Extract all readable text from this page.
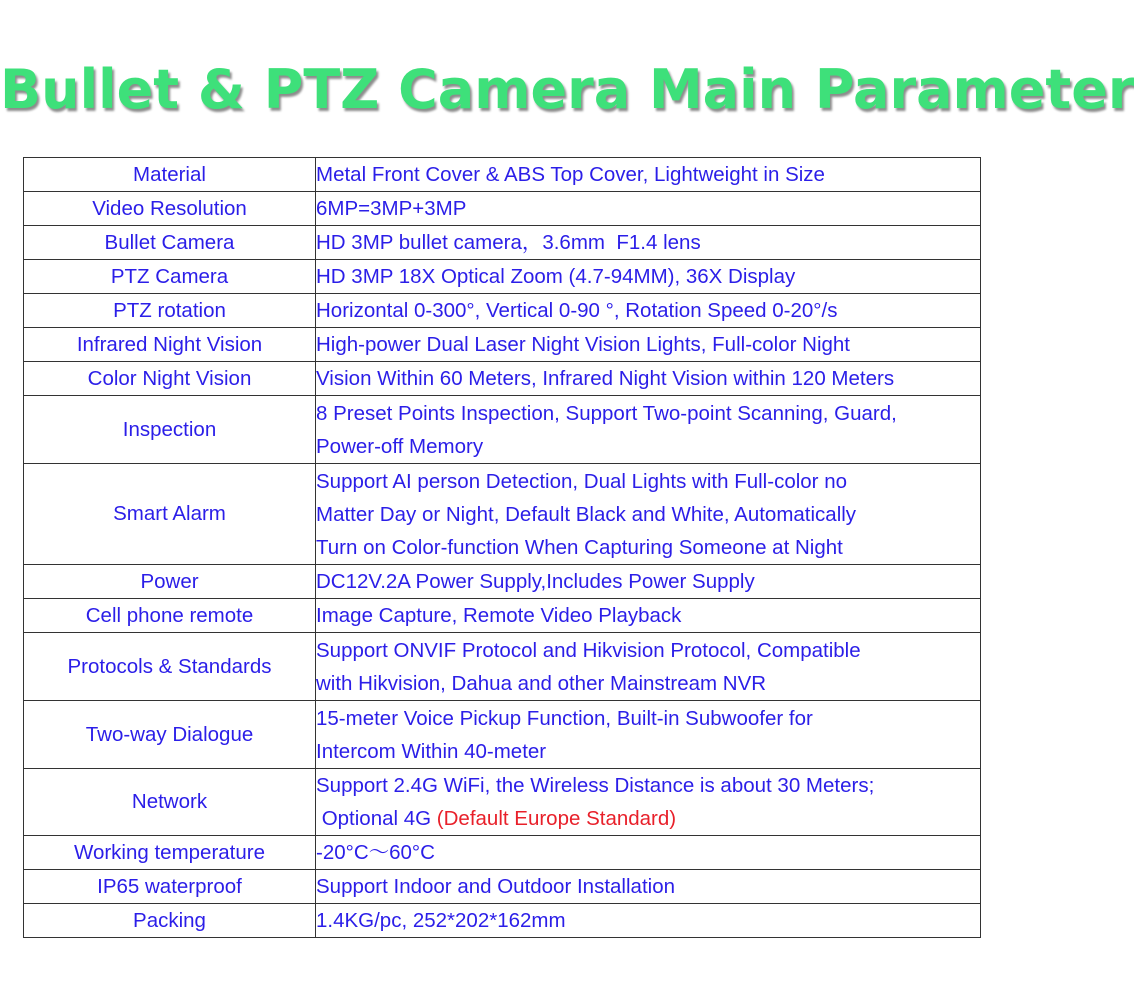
Bullet & PTZ Camera Main Parameter
Material	Metal Front Cover & ABS Top Cover, Lightweight in Size

Video Resolution	6MP=3MP+3MP

Bullet Camera	HD 3MP bullet camera，3.6mm  F1.4 lens

PTZ Camera	HD 3MP 18X Optical Zoom (4.7-94MM), 36X Display

PTZ rotation	Horizontal 0-300°, Vertical 0-90 °, Rotation Speed 0-20°/s

Infrared Night Vision	High-power Dual Laser Night Vision Lights, Full-color Night

Color Night Vision	Vision Within 60 Meters, Infrared Night Vision within 120 Meters

Inspection	8 Preset Points Inspection, Support Two-point Scanning, Guard,
Power-off Memory

Smart Alarm	Support AI person Detection, Dual Lights with Full-color no
Matter Day or Night, Default Black and White, Automatically
Turn on Color-function When Capturing Someone at Night

Power	DC12V.2A Power Supply,Includes Power Supply

Cell phone remote	Image Capture, Remote Video Playback

Protocols & Standards	Support ONVIF Protocol and Hikvision Protocol, Compatible
with Hikvision, Dahua and other Mainstream NVR

Two-way Dialogue	15-meter Voice Pickup Function, Built-in Subwoofer for
Intercom Within 40-meter

Network	Support 2.4G WiFi, the Wireless Distance is about 30 Meters;
Optional 4G (Default Europe Standard)

Working temperature	-20°C～60°C

IP65 waterproof	Support Indoor and Outdoor Installation

Packing	1.4KG/pc, 252*202*162mm
